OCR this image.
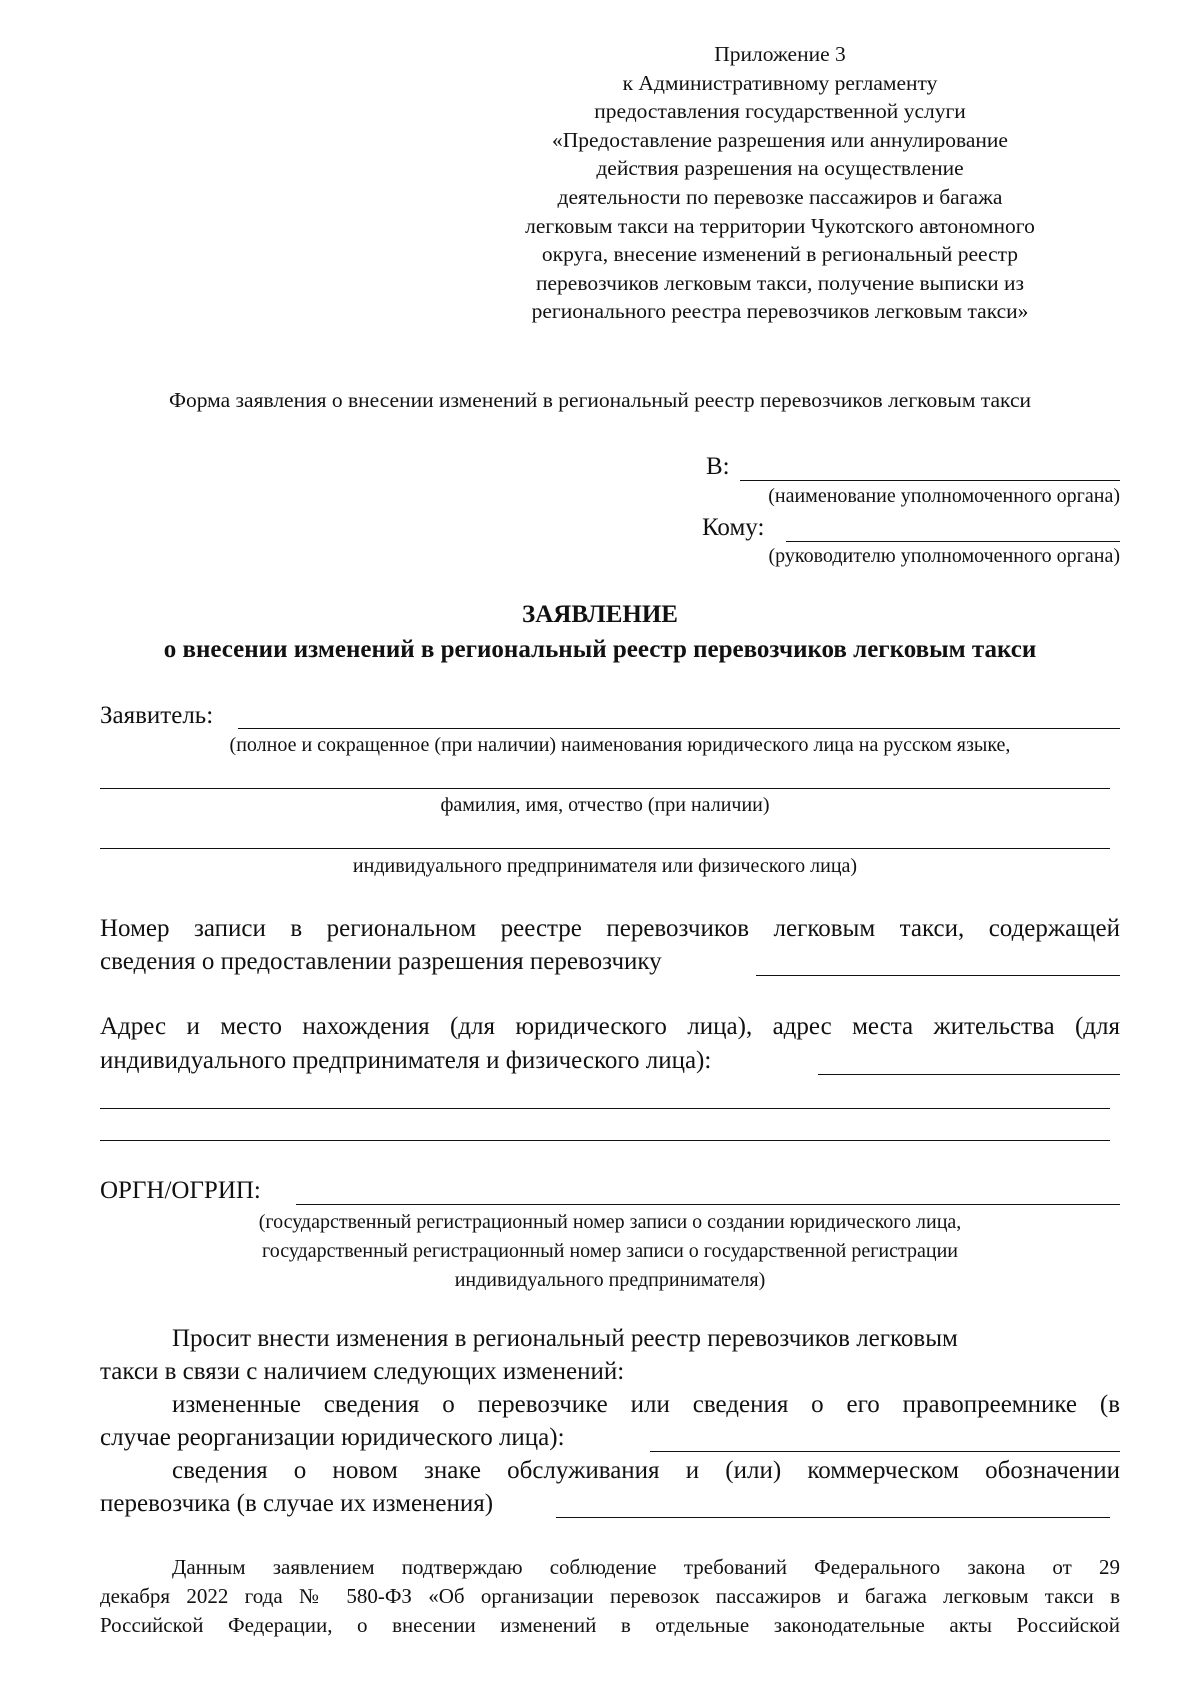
Приложение 3
к Административному регламенту
предоставления государственной услуги
«Предоставление разрешения или аннулирование
действия разрешения на осуществление
деятельности по перевозке пассажиров и багажа
легковым такси на территории Чукотского автономного
округа, внесение изменений в региональный реестр
перевозчиков легковым такси, получение выписки из
регионального реестра перевозчиков легковым такси»
Форма заявления о внесении изменений в региональный реестр перевозчиков легковым такси
В:
(наименование уполномоченного органа)
Кому:
(руководителю уполномоченного органа)
ЗАЯВЛЕНИЕ
о внесении изменений в региональный реестр перевозчиков легковым такси
Заявитель:
(полное и сокращенное (при наличии) наименования юридического лица на русском языке,
фамилия, имя, отчество (при наличии)
индивидуального предпринимателя или физического лица)
Номер записи в региональном реестре перевозчиков легковым такси, содержащей
сведения о предоставлении разрешения перевозчику
Адрес и место нахождения (для юридического лица), адрес места жительства (для
индивидуального предпринимателя и физического лица):
ОРГН/ОГРИП:
(государственный регистрационный номер записи о создании юридического лица,
государственный регистрационный номер записи о государственной регистрации
индивидуального предпринимателя)
Просит внести изменения в региональный реестр перевозчиков легковым
такси в связи с наличием следующих изменений:
измененные сведения о перевозчике или сведения о его правопреемнике (в
случае реорганизации юридического лица):
сведения о новом знаке обслуживания и (или) коммерческом обозначении
перевозчика (в случае их изменения)
Данным заявлением подтверждаю соблюдение требований Федерального закона от 29
декабря 2022 года № 580-ФЗ «Об организации перевозок пассажиров и багажа легковым такси в
Российской Федерации, о внесении изменений в отдельные законодательные акты Российской
